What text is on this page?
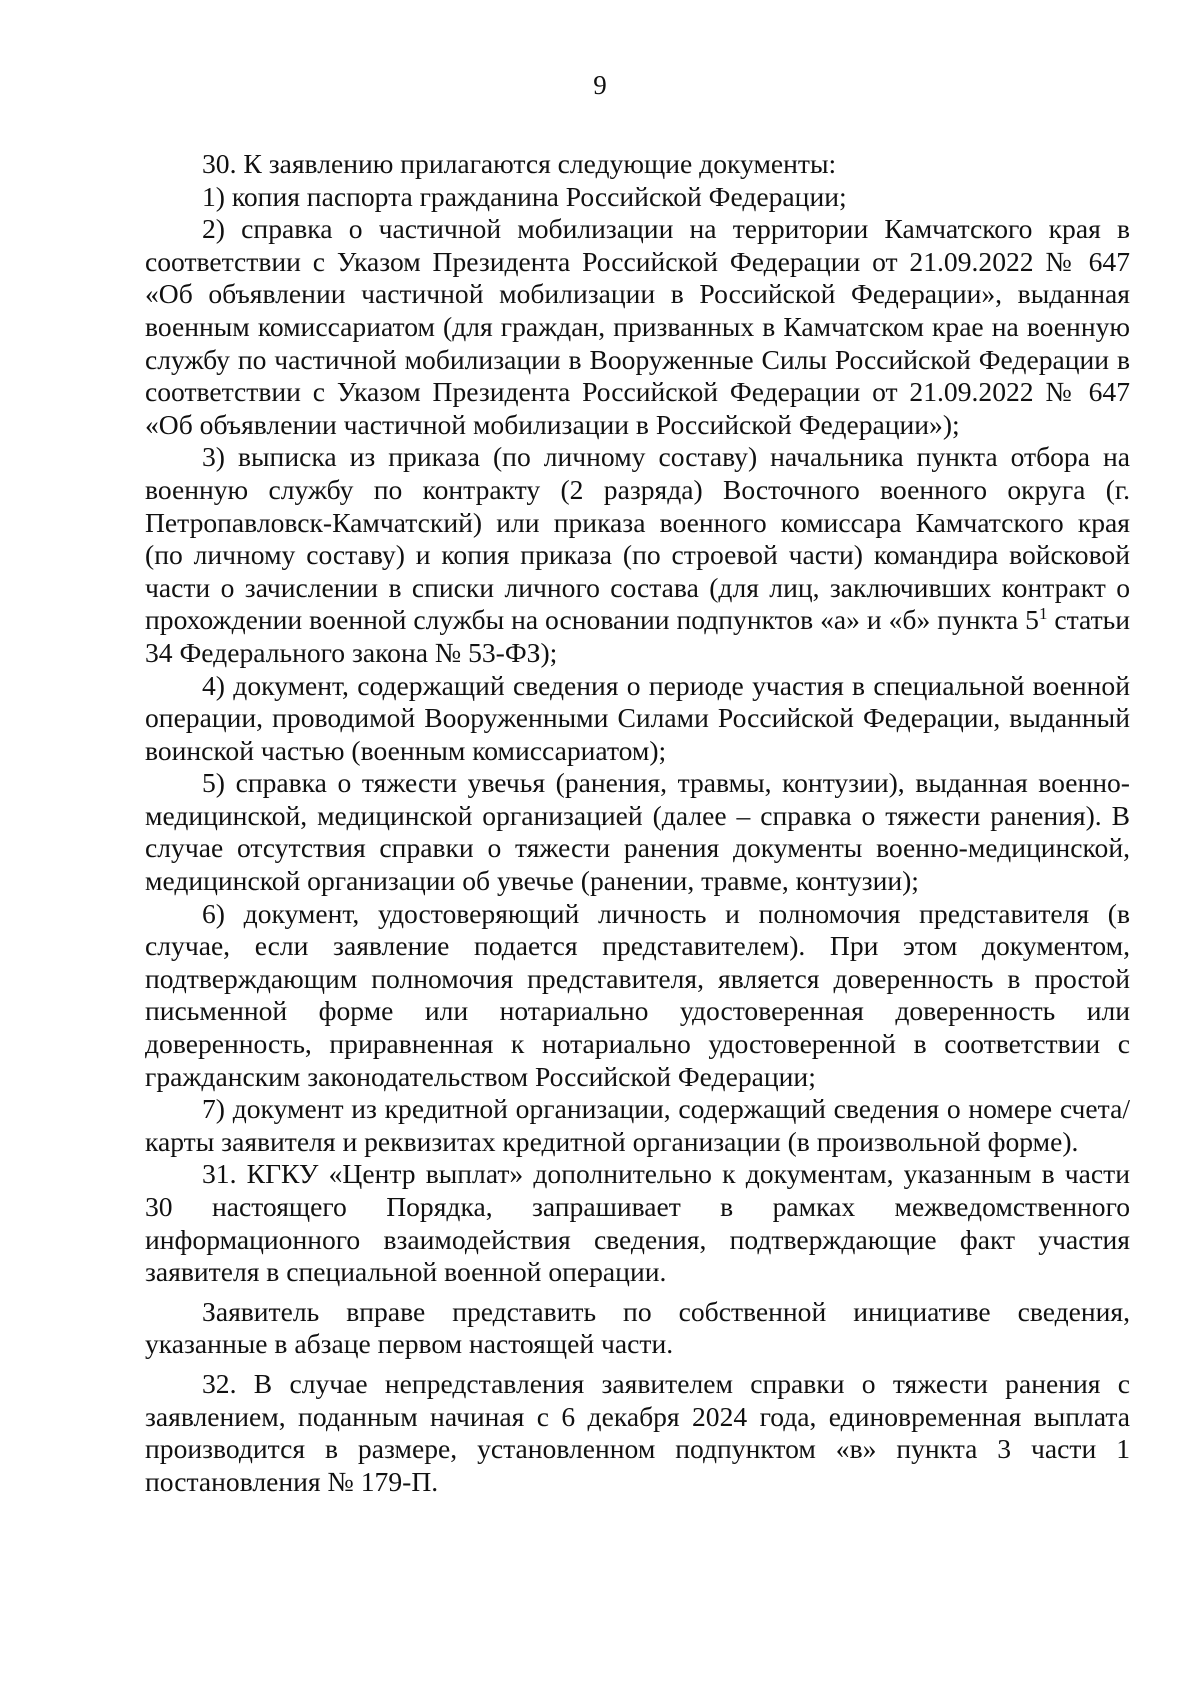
9

30. К заявлению прилагаются следующие документы:

1) копия паспорта гражданина Российской Федерации;

2) справка о частичной мобилизации на территории Камчатского края в соответствии с Указом Президента Российской Федерации от 21.09.2022 № 647 «Об объявлении частичной мобилизации в Российской Федерации», выданная военным комиссариатом (для граждан, призванных в Камчатском крае на военную службу по частичной мобилизации в Вооруженные Силы Российской Федерации в соответствии с Указом Президента Российской Федерации от 21.09.2022 № 647 «Об объявлении частичной мобилизации в Российской Федерации»);

3) выписка из приказа (по личному составу) начальника пункта отбора на военную службу по контракту (2 разряда) Восточного военного округа (г. Петропавловск-Камчатский) или приказа военного комиссара Камчатского края (по личному составу) и копия приказа (по строевой части) командира войсковой части о зачислении в списки личного состава (для лиц, заключивших контракт о прохождении военной службы на основании подпунктов «а» и «б» пункта $5^1$ статьи 34 Федерального закона № 53-ФЗ);

4) документ, содержащий сведения о периоде участия в специальной военной операции, проводимой Вооруженными Силами Российской Федерации, выданный воинской частью (военным комиссариатом);

5) справка о тяжести увечья (ранения, травмы, контузии), выданная военно-медицинской, медицинской организацией (далее – справка о тяжести ранения). В случае отсутствия справки о тяжести ранения документы военно-медицинской, медицинской организации об увечье (ранении, травме, контузии);

6) документ, удостоверяющий личность и полномочия представителя (в случае, если заявление подается представителем). При этом документом, подтверждающим полномочия представителя, является доверенность в простой письменной форме или нотариально удостоверенная доверенность или доверенность, приравненная к нотариально удостоверенной в соответствии с гражданским законодательством Российской Федерации;

7) документ из кредитной организации, содержащий сведения о номере счета/карты заявителя и реквизитах кредитной организации (в произвольной форме).

31. КГКУ «Центр выплат» дополнительно к документам, указанным в части 30 настоящего Порядка, запрашивает в рамках межведомственного информационного взаимодействия сведения, подтверждающие факт участия заявителя в специальной военной операции.

Заявитель вправе представить по собственной инициативе сведения, указанные в абзаце первом настоящей части.

32. В случае непредставления заявителем справки о тяжести ранения с заявлением, поданным начиная с 6 декабря 2024 года, единовременная выплата производится в размере, установленном подпунктом «в» пункта 3 части 1 постановления № 179-П.
